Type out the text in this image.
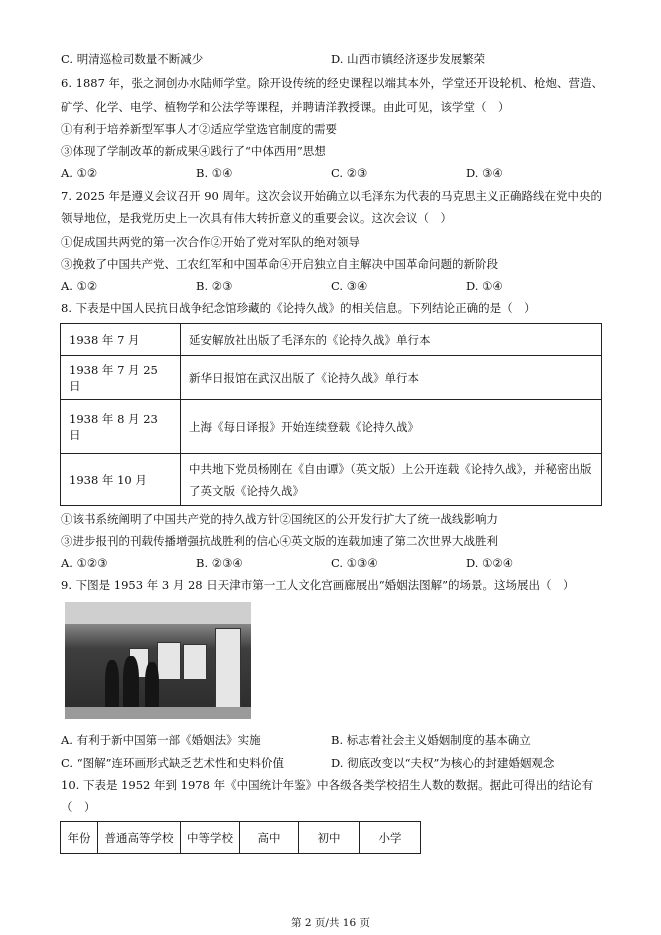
C. 明清巡检司数量不断减少	D. 山西市镇经济逐步发展繁荣
6. 1887 年，张之洞创办水陆师学堂。除开设传统的经史课程以端其本外，学堂还开设轮机、枪炮、营造、
矿学、化学、电学、植物学和公法学等课程，并聘请洋教授课。由此可见，该学堂（　）
①有利于培养新型军事人才②适应学堂选官制度的需要
③体现了学制改革的新成果④践行了“中体西用”思想
A. ①②	B. ①④	C. ②③	D. ③④
7. 2025 年是遵义会议召开 90 周年。这次会议开始确立以毛泽东为代表的马克思主义正确路线在党中央的
领导地位，是我党历史上一次具有伟大转折意义的重要会议。这次会议（　）
①促成国共两党的第一次合作②开始了党对军队的绝对领导
③挽救了中国共产党、工农红军和中国革命④开启独立自主解决中国革命问题的新阶段
A. ①②	B. ②③	C. ③④	D. ①④
8. 下表是中国人民抗日战争纪念馆珍藏的《论持久战》的相关信息。下列结论正确的是（　）
1938 年 7 月	延安解放社出版了毛泽东的《论持久战》单行本
1938 年 7 月 25 日	新华日报馆在武汉出版了《论持久战》单行本
1938 年 8 月 23 日	上海《每日译报》开始连续登载《论持久战》
1938 年 10 月	中共地下党员杨刚在《自由谭》（英文版）上公开连载《论持久战》，并秘密出版
了英文版《论持久战》
①该书系统阐明了中国共产党的持久战方针②国统区的公开发行扩大了统一战线影响力
③进步报刊的刊载传播增强抗战胜利的信心④英文版的连载加速了第二次世界大战胜利
A. ①②③	B. ②③④	C. ①③④	D. ①②④
9. 下图是 1953 年 3 月 28 日天津市第一工人文化宫画廊展出“婚姻法图解”的场景。这场展出（　）
A. 有利于新中国第一部《婚姻法》实施	B. 标志着社会主义婚姻制度的基本确立
C. “图解”连环画形式缺乏艺术性和史料价值	D. 彻底改变以“夫权”为核心的封建婚姻观念
10. 下表是 1952 年到 1978 年《中国统计年鉴》中各级各类学校招生人数的数据。据此可得出的结论有
（　）
年份	普通高等学校	中等学校	高中	初中	小学
第 2 页/共 16 页
